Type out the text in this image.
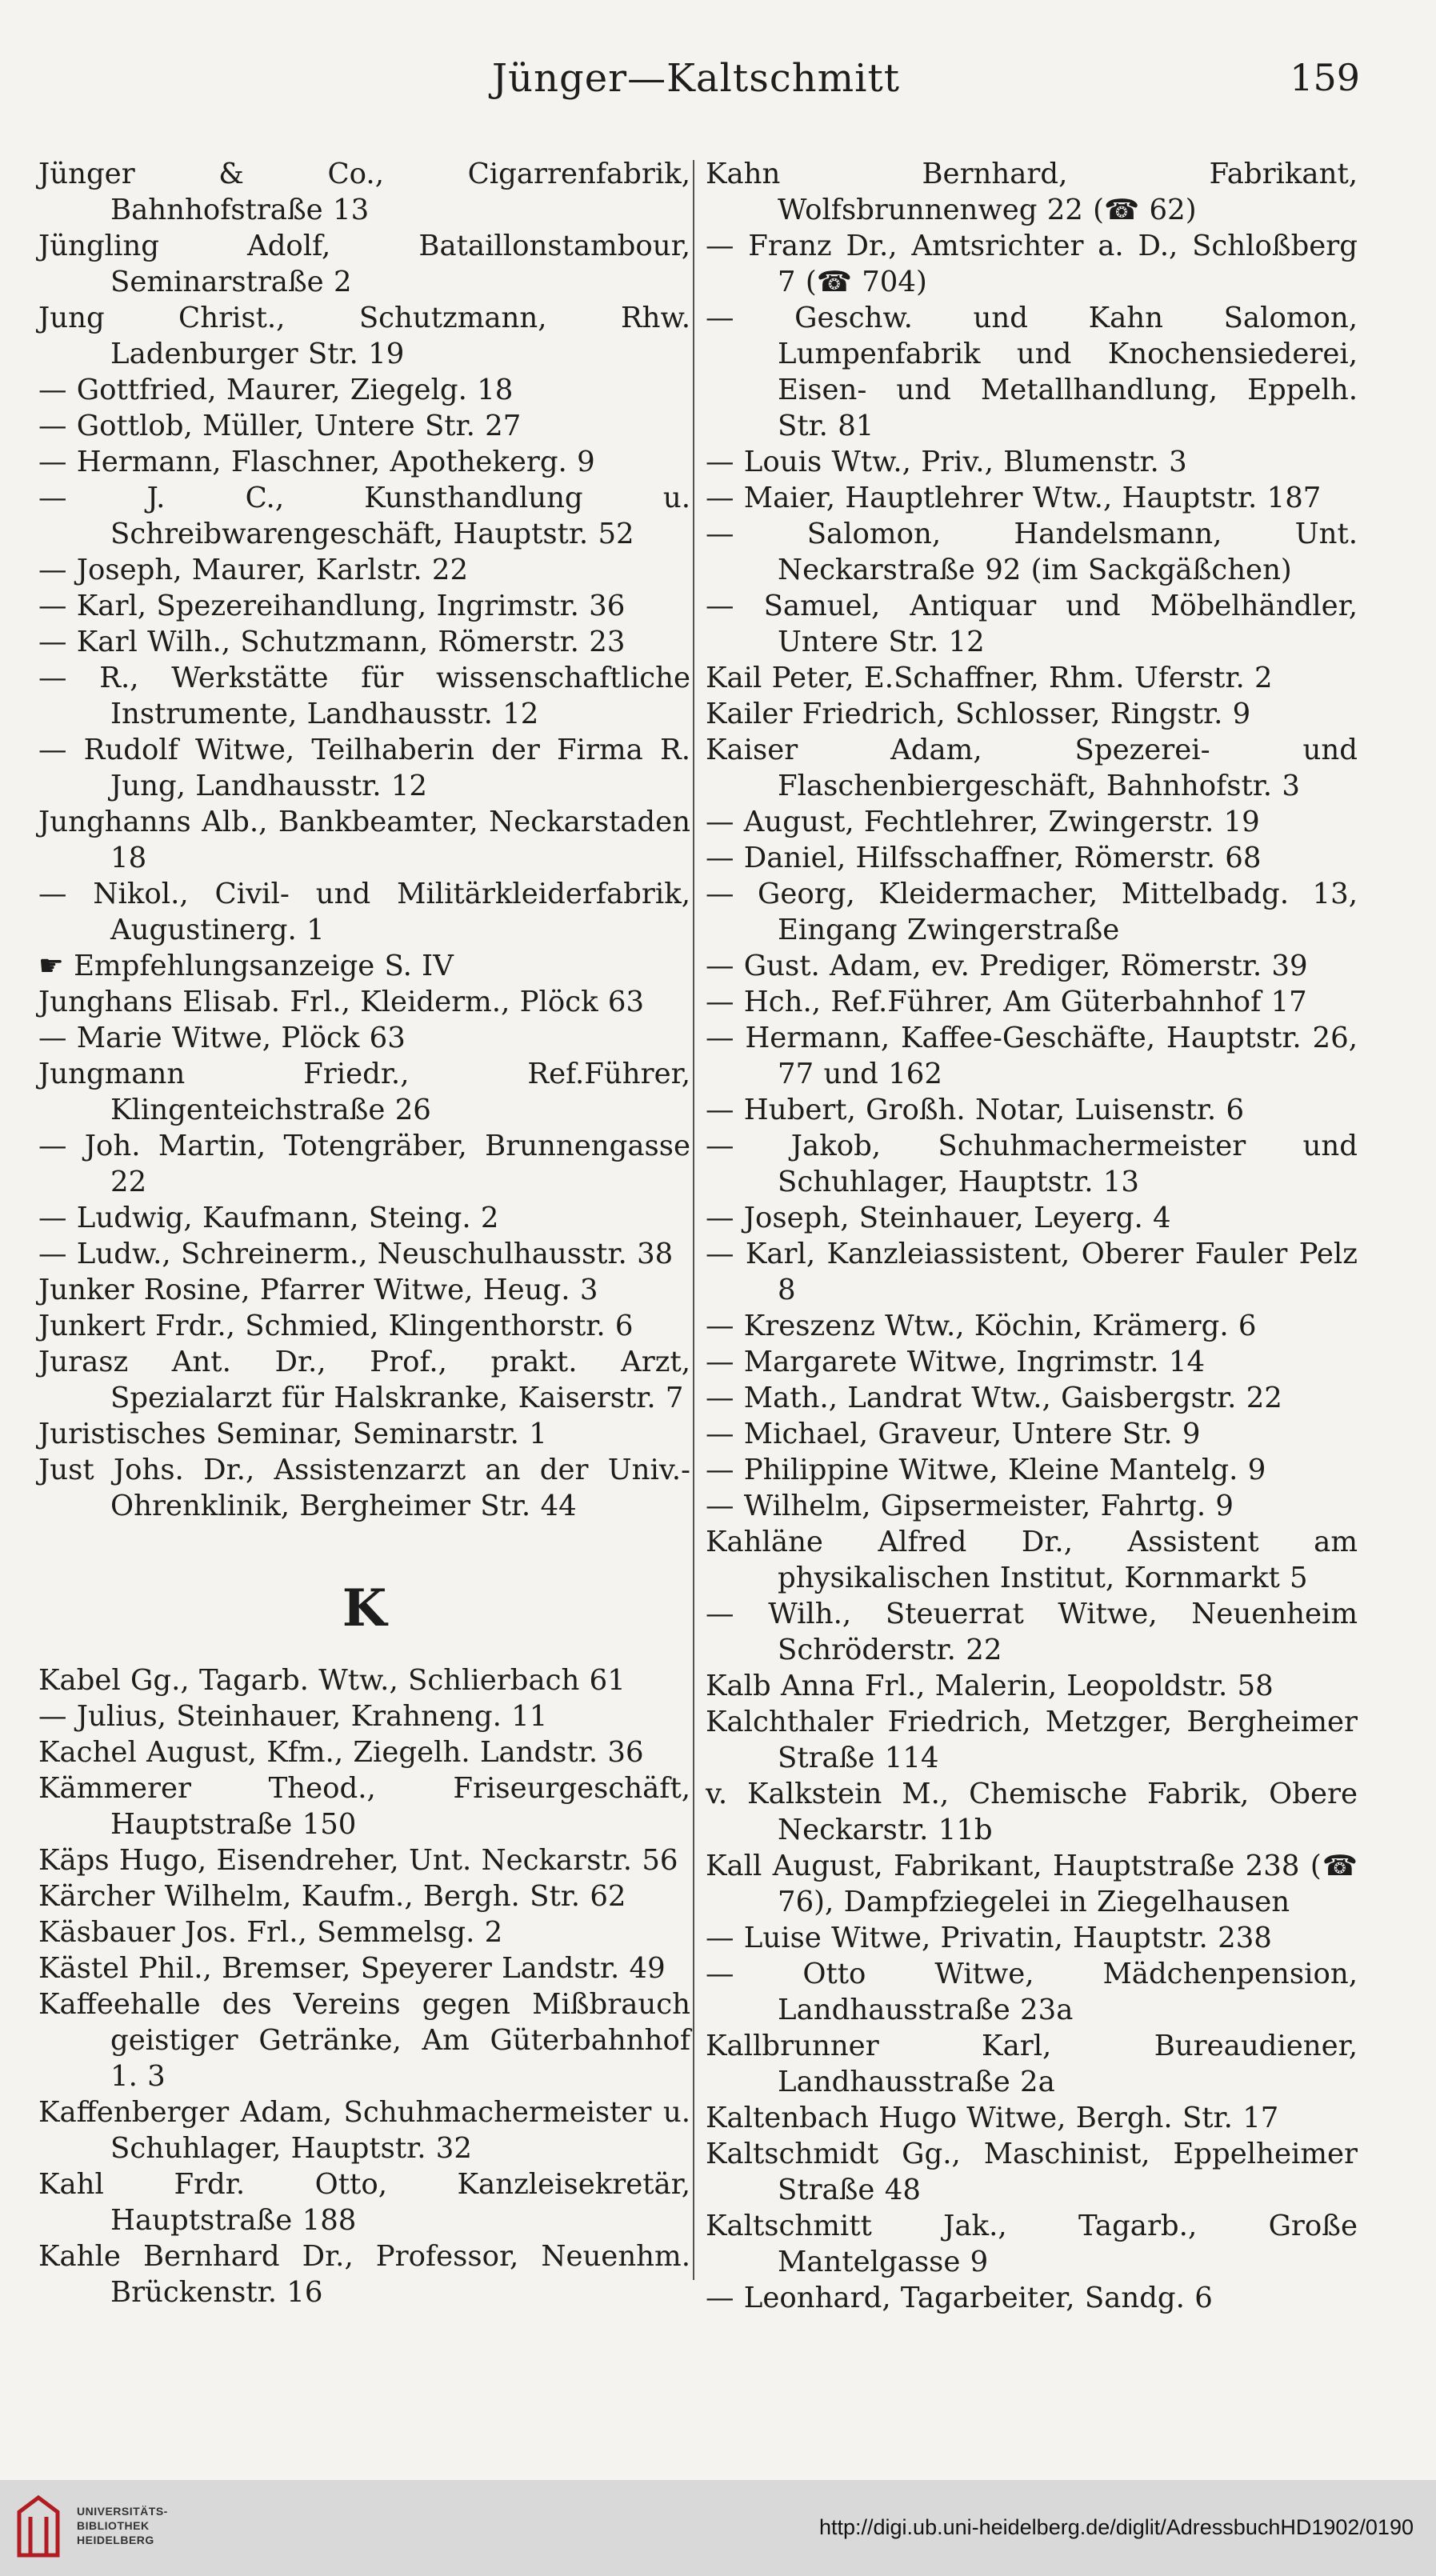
Jünger—Kaltschmitt	159
Jünger & Co., Cigarrenfabrik, Bahnhofstraße 13
Jüngling Adolf, Bataillonstambour, Seminarstraße 2
Jung Christ., Schutzmann, Rhw. Ladenburger Str. 19
— Gottfried, Maurer, Ziegelg. 18
— Gottlob, Müller, Untere Str. 27
— Hermann, Flaschner, Apothekerg. 9
— J. C., Kunsthandlung u. Schreibwarengeschäft, Hauptstr. 52
— Joseph, Maurer, Karlstr. 22
— Karl, Spezereihandlung, Ingrimstr. 36
— Karl Wilh., Schutzmann, Römerstr. 23
— R., Werkstätte für wissenschaftliche Instrumente, Landhausstr. 12
— Rudolf Witwe, Teilhaberin der Firma R. Jung, Landhausstr. 12
Junghanns Alb., Bankbeamter, Neckarstaden 18
— Nikol., Civil- und Militärkleiderfabrik, Augustinerg. 1
☛ Empfehlungsanzeige S. IV
Junghans Elisab. Frl., Kleiderm., Plöck 63
— Marie Witwe, Plöck 63
Jungmann Friedr., Ref.Führer, Klingenteichstraße 26
— Joh. Martin, Totengräber, Brunnengasse 22
— Ludwig, Kaufmann, Steing. 2
— Ludw., Schreinerm., Neuschulhausstr. 38
Junker Rosine, Pfarrer Witwe, Heug. 3
Junkert Frdr., Schmied, Klingenthorstr. 6
Jurasz Ant. Dr., Prof., prakt. Arzt, Spezialarzt für Halskranke, Kaiserstr. 7
Juristisches Seminar, Seminarstr. 1
Just Johs. Dr., Assistenzarzt an der Univ.-Ohrenklinik, Bergheimer Str. 44
K
Kabel Gg., Tagarb. Wtw., Schlierbach 61
— Julius, Steinhauer, Krahneng. 11
Kachel August, Kfm., Ziegelh. Landstr. 36
Kämmerer Theod., Friseurgeschäft, Hauptstraße 150
Käps Hugo, Eisendreher, Unt. Neckarstr. 56
Kärcher Wilhelm, Kaufm., Bergh. Str. 62
Käsbauer Jos. Frl., Semmelsg. 2
Kästel Phil., Bremser, Speyerer Landstr. 49
Kaffeehalle des Vereins gegen Mißbrauch geistiger Getränke, Am Güterbahnhof 1. 3
Kaffenberger Adam, Schuhmachermeister u. Schuhlager, Hauptstr. 32
Kahl Frdr. Otto, Kanzleisekretär, Hauptstraße 188
Kahle Bernhard Dr., Professor, Neuenhm. Brückenstr. 16
Kahn Bernhard, Fabrikant, Wolfsbrunnenweg 22 (☎ 62)
— Franz Dr., Amtsrichter a. D., Schloßberg 7 (☎ 704)
— Geschw. und Kahn Salomon, Lumpenfabrik und Knochensiederei, Eisen- und Metallhandlung, Eppelh. Str. 81
— Louis Wtw., Priv., Blumenstr. 3
— Maier, Hauptlehrer Wtw., Hauptstr. 187
— Salomon, Handelsmann, Unt. Neckarstraße 92 (im Sackgäßchen)
— Samuel, Antiquar und Möbelhändler, Untere Str. 12
Kail Peter, E.Schaffner, Rhm. Uferstr. 2
Kailer Friedrich, Schlosser, Ringstr. 9
Kaiser Adam, Spezerei- und Flaschenbiergeschäft, Bahnhofstr. 3
— August, Fechtlehrer, Zwingerstr. 19
— Daniel, Hilfsschaffner, Römerstr. 68
— Georg, Kleidermacher, Mittelbadg. 13, Eingang Zwingerstraße
— Gust. Adam, ev. Prediger, Römerstr. 39
— Hch., Ref.Führer, Am Güterbahnhof 17
— Hermann, Kaffee-Geschäfte, Hauptstr. 26, 77 und 162
— Hubert, Großh. Notar, Luisenstr. 6
— Jakob, Schuhmachermeister und Schuhlager, Hauptstr. 13
— Joseph, Steinhauer, Leyerg. 4
— Karl, Kanzleiassistent, Oberer Fauler Pelz 8
— Kreszenz Wtw., Köchin, Krämerg. 6
— Margarete Witwe, Ingrimstr. 14
— Math., Landrat Wtw., Gaisbergstr. 22
— Michael, Graveur, Untere Str. 9
— Philippine Witwe, Kleine Mantelg. 9
— Wilhelm, Gipsermeister, Fahrtg. 9
Kahläne Alfred Dr., Assistent am physikalischen Institut, Kornmarkt 5
— Wilh., Steuerrat Witwe, Neuenheim Schröderstr. 22
Kalb Anna Frl., Malerin, Leopoldstr. 58
Kalchthaler Friedrich, Metzger, Bergheimer Straße 114
v. Kalkstein M., Chemische Fabrik, Obere Neckarstr. 11b
Kall August, Fabrikant, Hauptstraße 238 (☎ 76), Dampfziegelei in Ziegelhausen
— Luise Witwe, Privatin, Hauptstr. 238
— Otto Witwe, Mädchenpension, Landhausstraße 23a
Kallbrunner Karl, Bureaudiener, Landhausstraße 2a
Kaltenbach Hugo Witwe, Bergh. Str. 17
Kaltschmidt Gg., Maschinist, Eppelheimer Straße 48
Kaltschmitt Jak., Tagarb., Große Mantelgasse 9
— Leonhard, Tagarbeiter, Sandg. 6
UNIVERSITÄTS-
BIBLIOTHEK
HEIDELBERG
http://digi.ub.uni-heidelberg.de/diglit/AdressbuchHD1902/0190
